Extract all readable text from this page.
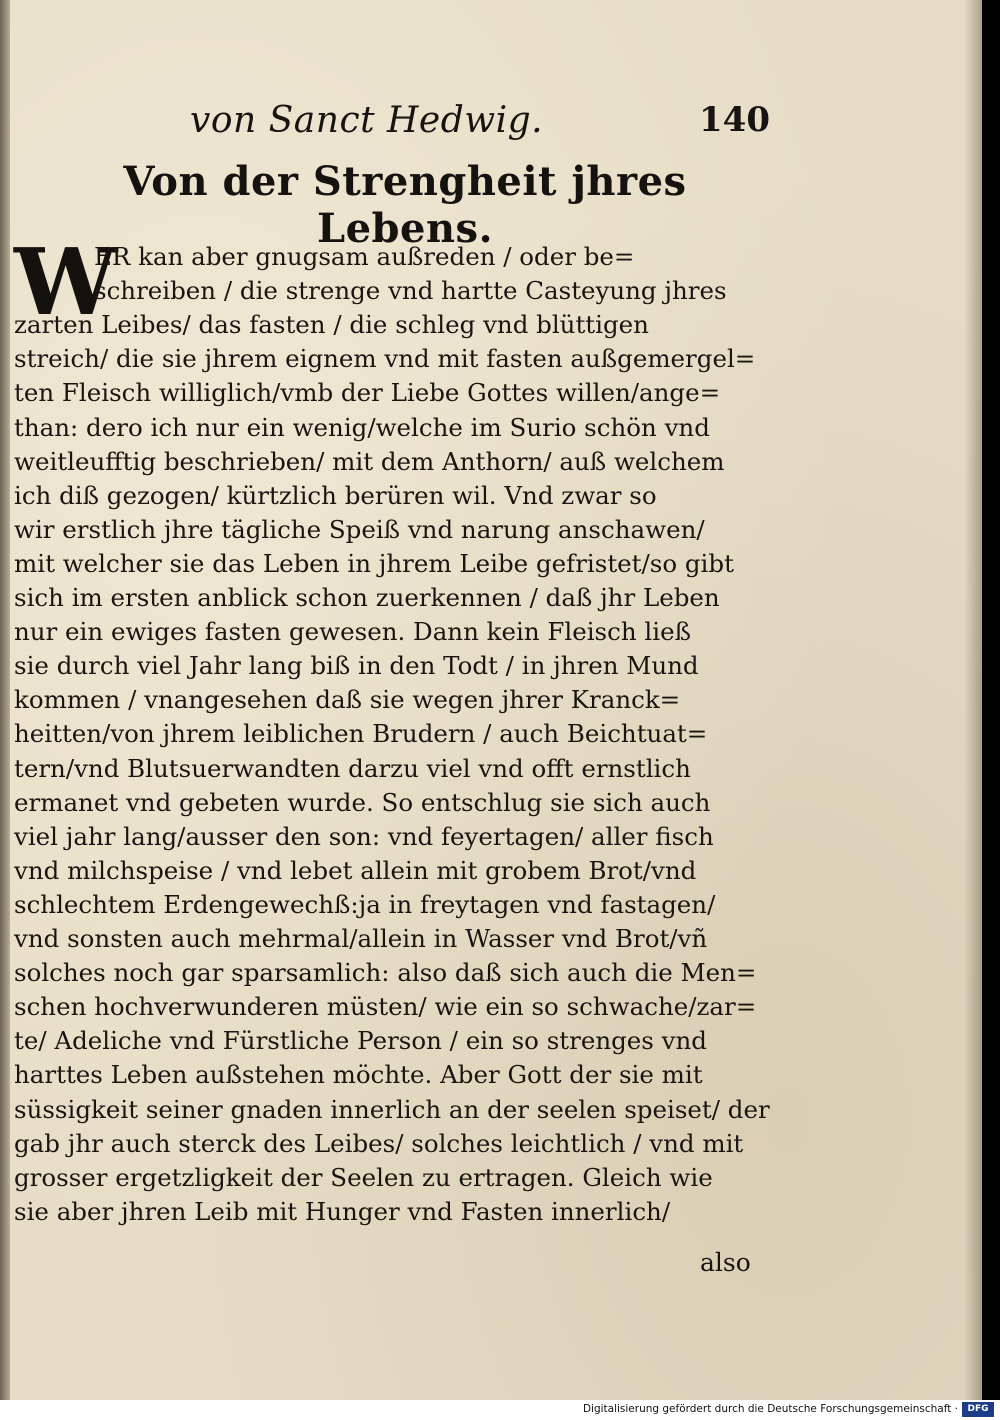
von Sanct Hedwig.	140
Von der Strengheit jhres Lebens.
W
ER kan aber gnugsam außreden / oder be=
schreiben / die strenge vnd hartte Casteyung jhres
zarten Leibes/ das fasten / die schleg vnd blüttigen
streich/ die sie jhrem eignem vnd mit fasten außgemergel=
ten Fleisch williglich/vmb der Liebe Gottes willen/ange=
than: dero ich nur ein wenig/welche im Surio schön vnd
weitleufftig beschrieben/ mit dem Anthorn/ auß welchem
ich diß gezogen/ kürtzlich berüren wil. Vnd zwar so
wir erstlich jhre tägliche Speiß vnd narung anschawen/
mit welcher sie das Leben in jhrem Leibe gefristet/so gibt
sich im ersten anblick schon zuerkennen / daß jhr Leben
nur ein ewiges fasten gewesen. Dann kein Fleisch ließ
sie durch viel Jahr lang biß in den Todt / in jhren Mund
kommen / vnangesehen daß sie wegen jhrer Kranck=
heitten/von jhrem leiblichen Brudern / auch Beichtuat=
tern/vnd Blutsuerwandten darzu viel vnd offt ernstlich
ermanet vnd gebeten wurde. So entschlug sie sich auch
viel jahr lang/ausser den son: vnd feyertagen/ aller fisch
vnd milchspeise / vnd lebet allein mit grobem Brot/vnd
schlechtem Erdengewechß:ja in freytagen vnd fastagen/
vnd sonsten auch mehrmal/allein in Wasser vnd Brot/vñ
solches noch gar sparsamlich: also daß sich auch die Men=
schen hochverwunderen müsten/ wie ein so schwache/zar=
te/ Adeliche vnd Fürstliche Person / ein so strenges vnd
harttes Leben außstehen möchte. Aber Gott der sie mit
süssigkeit seiner gnaden innerlich an der seelen speiset/ der
gab jhr auch sterck des Leibes/ solches leichtlich / vnd mit
grosser ergetzligkeit der Seelen zu ertragen. Gleich wie
sie aber jhren Leib mit Hunger vnd Fasten innerlich/
also
Digitalisierung gefördert durch die Deutsche Forschungsgemeinschaft ·	DFG
